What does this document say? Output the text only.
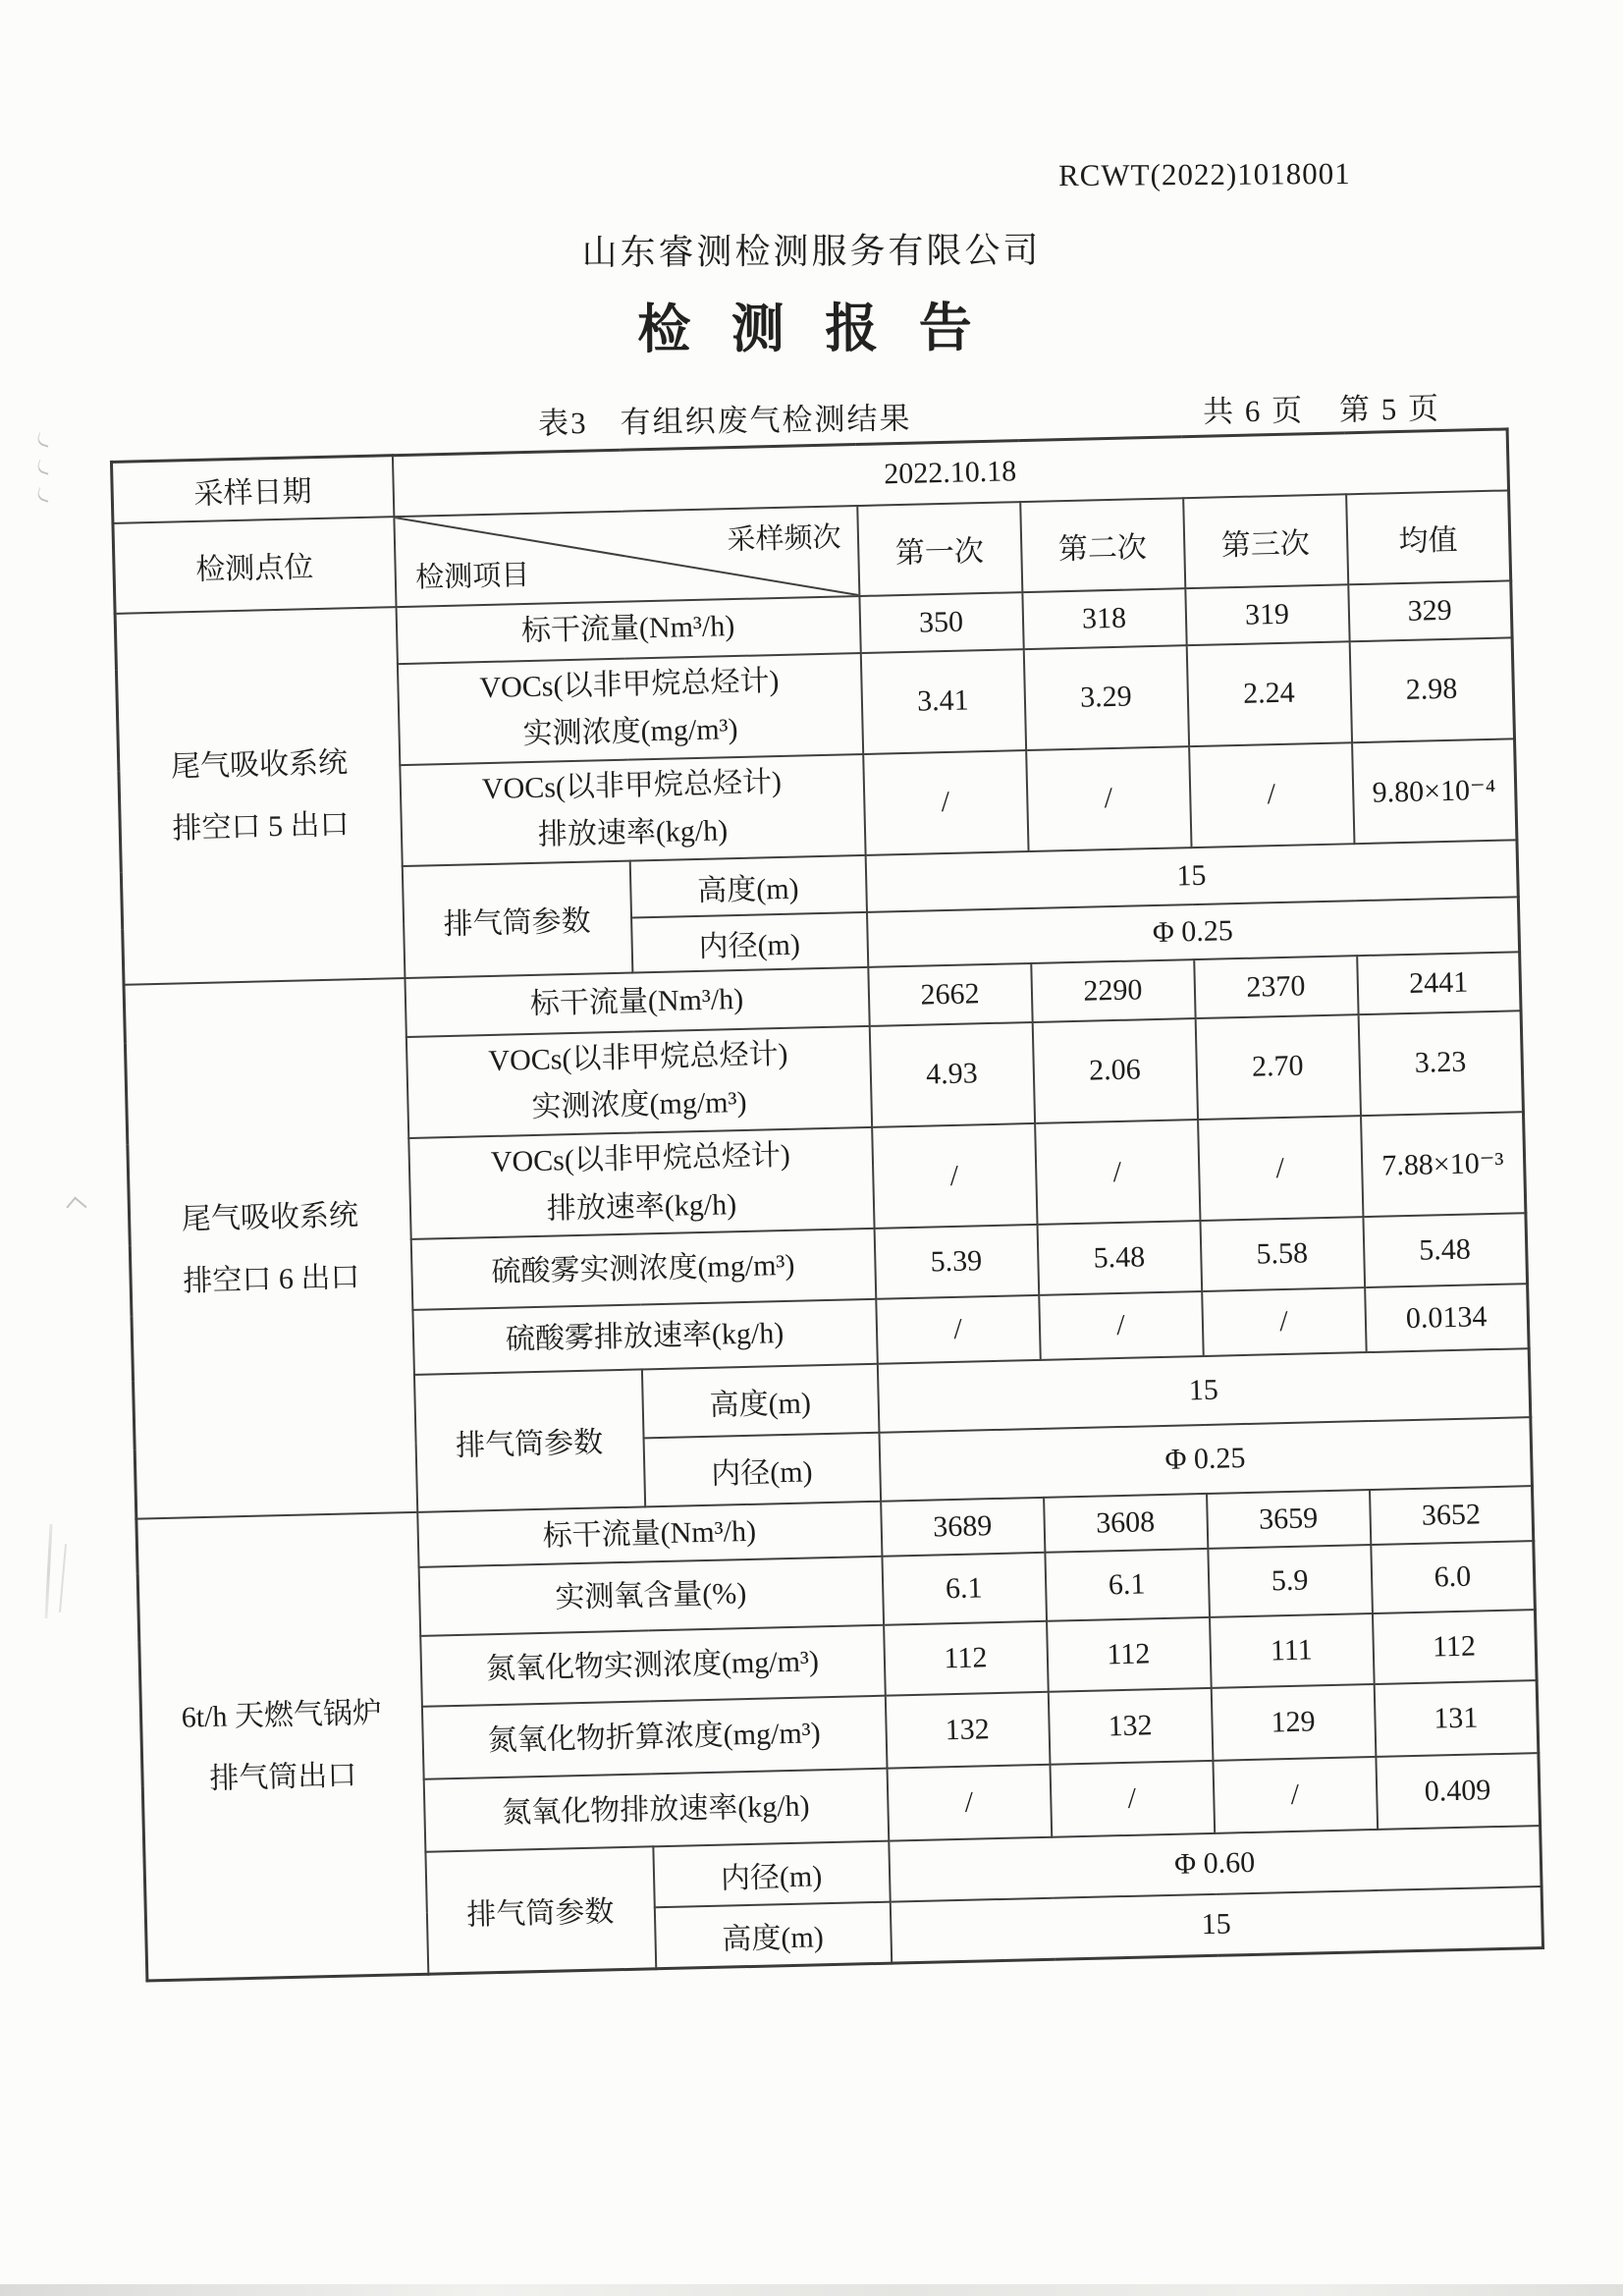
RCWT(2022)1018001
山东睿测检测服务有限公司
检 测 报 告
表3　有组织废气检测结果	共 6 页 第 5 页
采样日期	2022.10.18					
检测点位	采样频次
检测项目		第一次	第二次	第三次	均值

尾气吸收系统
排空口 5 出口	标干流量(Nm³/h)		350	318	319	329

	VOCs(以非甲烷总烃计)
实测浓度(mg/m³)		3.41	3.29	2.24	2.98

	VOCs(以非甲烷总烃计)
排放速率(kg/h)		/	/	/	9.80×10⁻⁴
	排气筒参数	高度(m)	15			
		内径(m)	Φ 0.25			

尾气吸收系统
排空口 6 出口	标干流量(Nm³/h)		2662	2290	2370	2441

	VOCs(以非甲烷总烃计)
实测浓度(mg/m³)		4.93	2.06	2.70	3.23

	VOCs(以非甲烷总烃计)
排放速率(kg/h)		/	/	/	7.88×10⁻³

	硫酸雾实测浓度(mg/m³)		5.39	5.48	5.58	5.48

	硫酸雾排放速率(kg/h)		/	/	/	0.0134
	排气筒参数	高度(m)	15			
		内径(m)	Φ 0.25			

6t/h 天燃气锅炉
排气筒出口	标干流量(Nm³/h)		3689	3608	3659	3652

	实测氧含量(%)		6.1	6.1	5.9	6.0

	氮氧化物实测浓度(mg/m³)		112	112	111	112

	氮氧化物折算浓度(mg/m³)		132	132	129	131

	氮氧化物排放速率(kg/h)		/	/	/	0.409
	排气筒参数	内径(m)	Φ 0.60			
		高度(m)	15			
